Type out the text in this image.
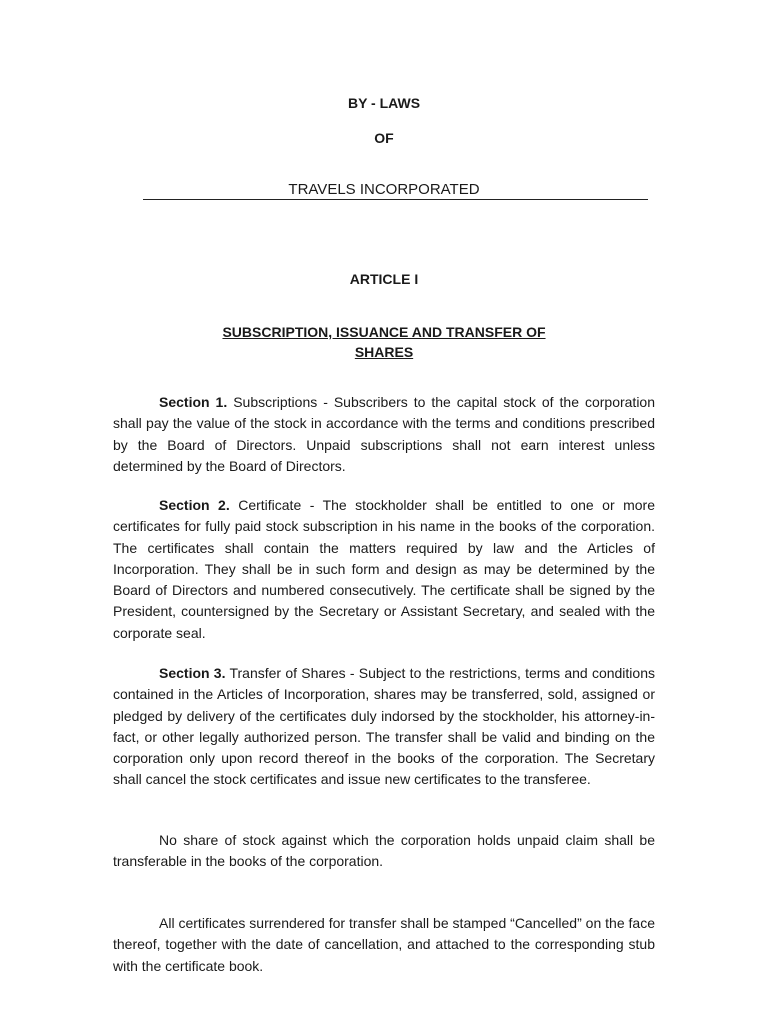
BY - LAWS
OF
TRAVELS INCORPORATED
ARTICLE I
SUBSCRIPTION, ISSUANCE AND TRANSFER OF
SHARES

Section 1. Subscriptions - Subscribers to the capital stock of the corporation shall pay the value of the stock in accordance with the terms and conditions prescribed by the Board of Directors. Unpaid subscriptions shall not earn interest unless determined by the Board of Directors.

Section 2. Certificate - The stockholder shall be entitled to one or more certificates for fully paid stock subscription in his name in the books of the corporation. The certificates shall contain the matters required by law and the Articles of Incorporation. They shall be in such form and design as may be determined by the Board of Directors and numbered consecutively. The certificate shall be signed by the President, countersigned by the Secretary or Assistant Secretary, and sealed with the corporate seal.

Section 3. Transfer of Shares - Subject to the restrictions, terms and conditions contained in the Articles of Incorporation, shares may be transferred, sold, assigned or pledged by delivery of the certificates duly indorsed by the stockholder, his attorney-in- fact, or other legally authorized person. The transfer shall be valid and binding on the corporation only upon record thereof in the books of the corporation. The Secretary shall cancel the stock certificates and issue new certificates to the transferee.

No share of stock against which the corporation holds unpaid claim shall be transferable in the books of the corporation.

All certificates surrendered for transfer shall be stamped “Cancelled” on the face thereof, together with the date of cancellation, and attached to the corresponding stub with the certificate book.
